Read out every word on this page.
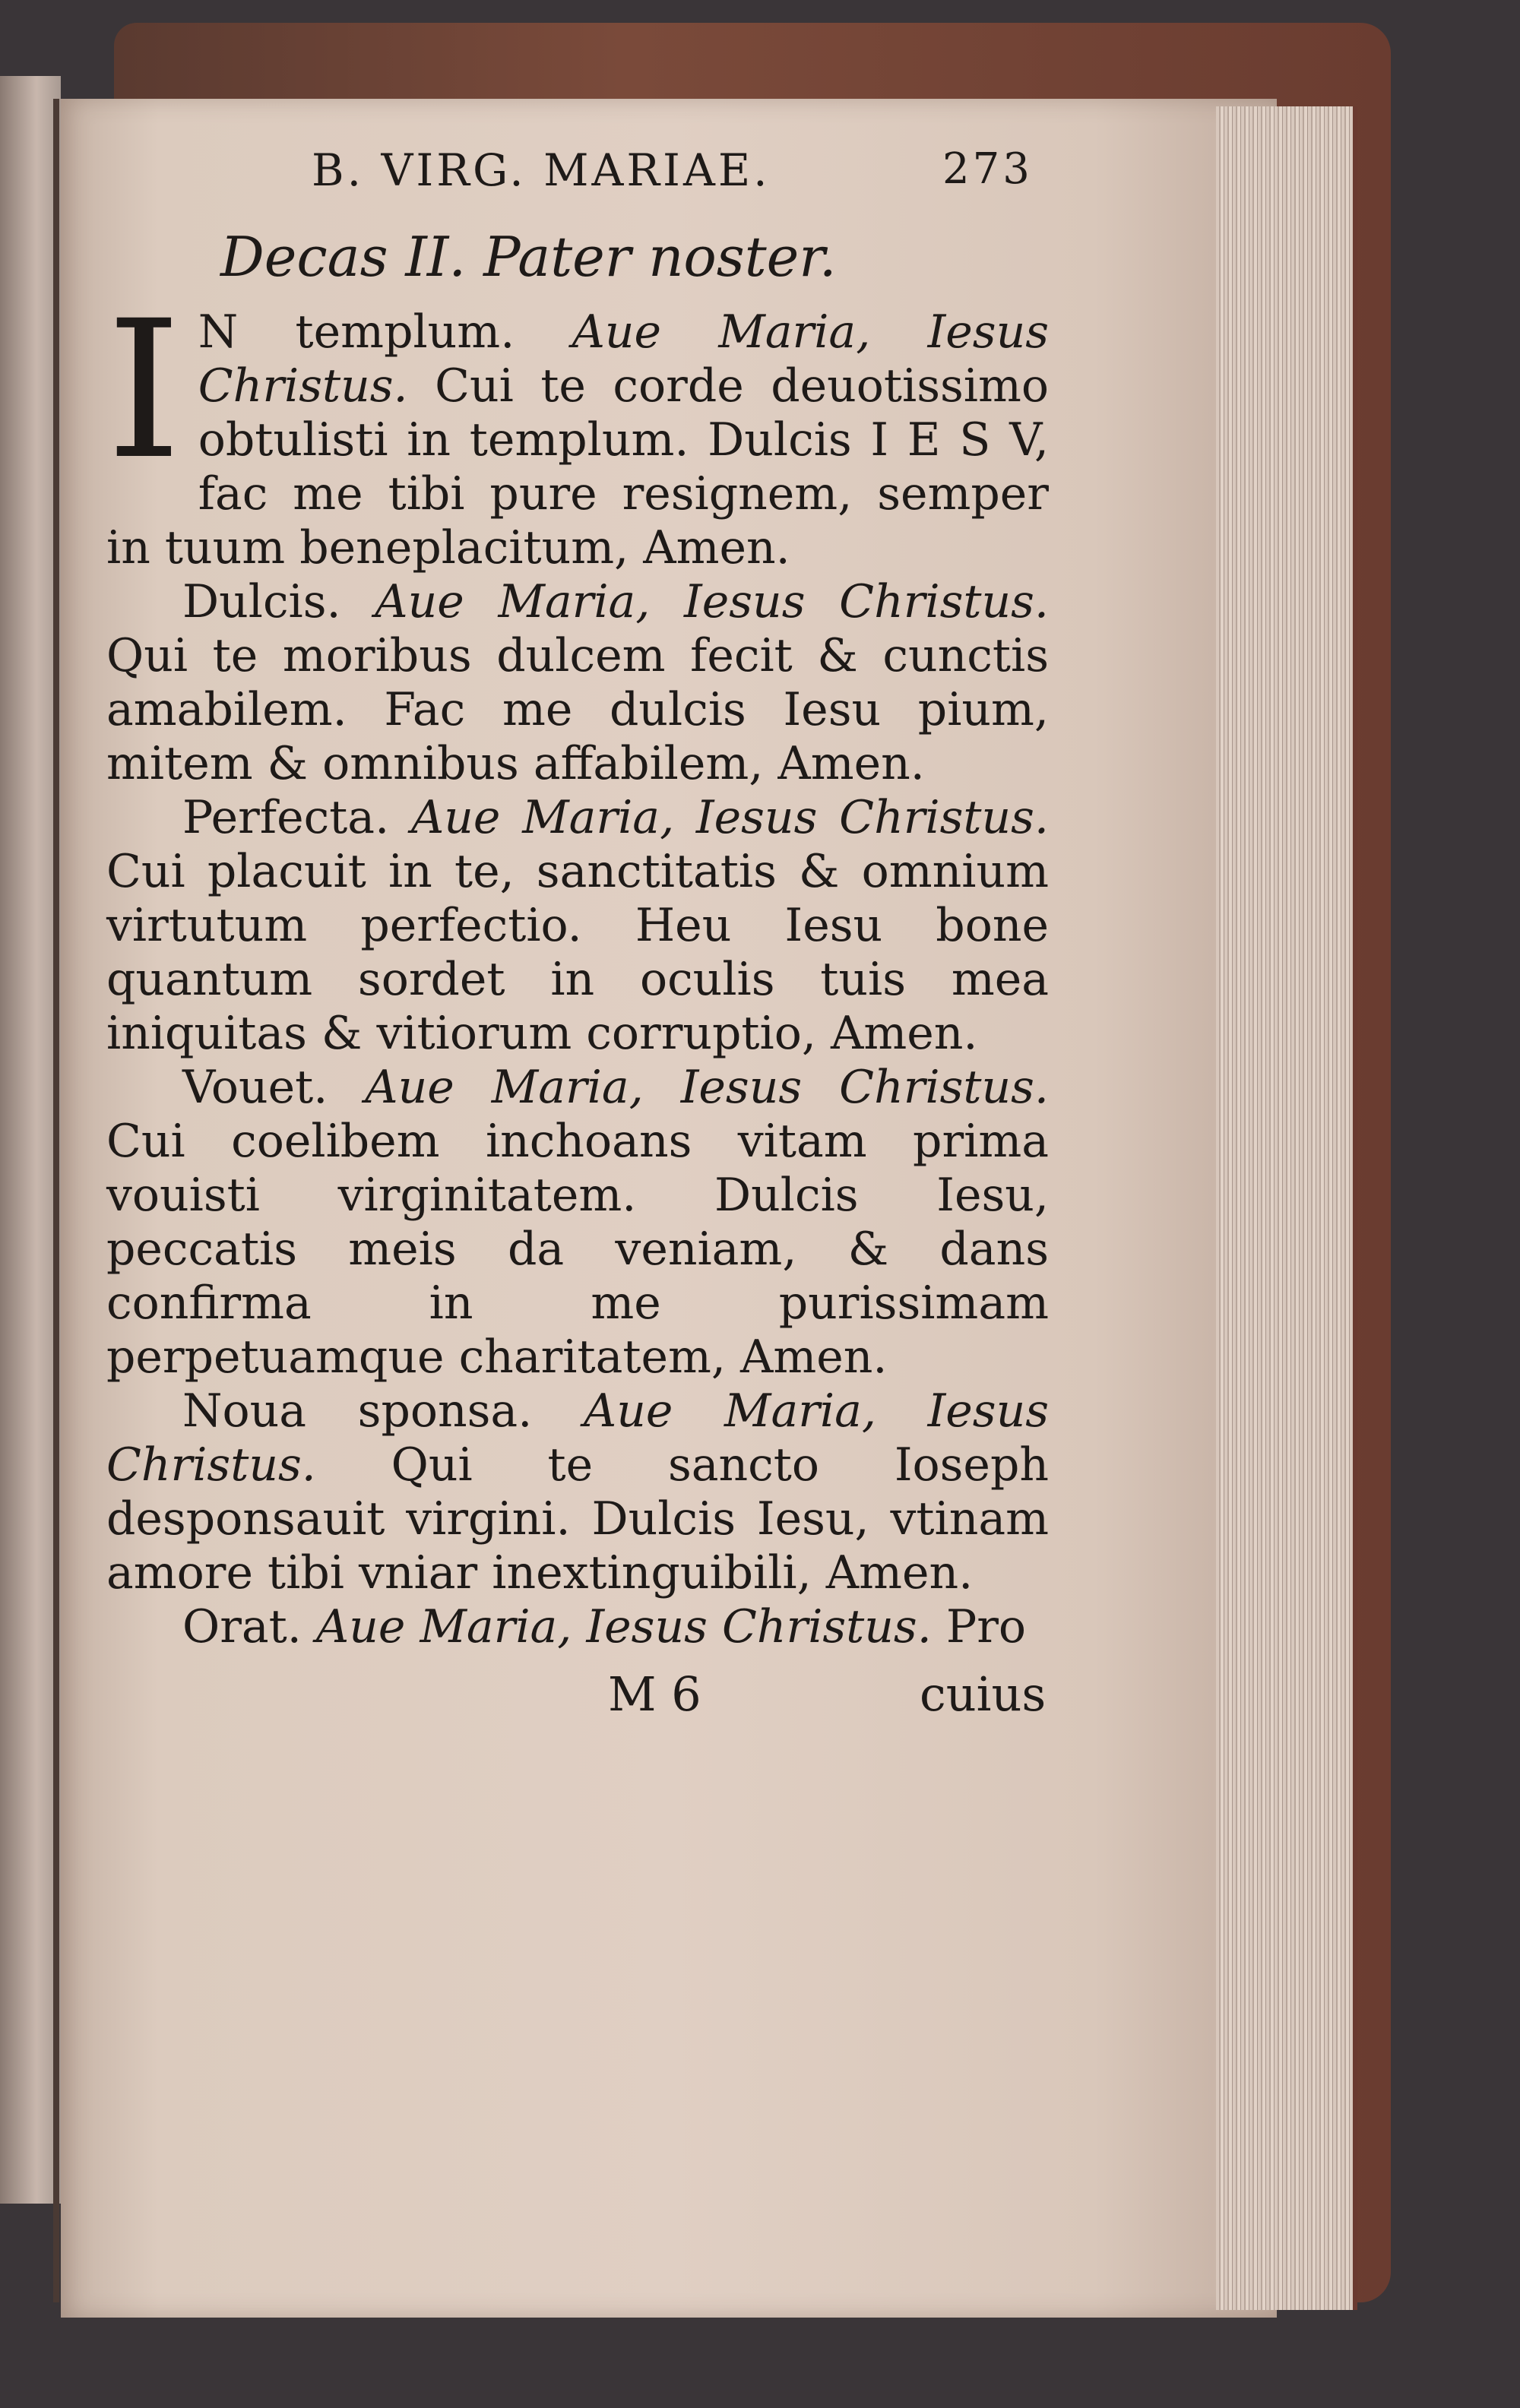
B. VIRG. MARIAE.	273
Decas II. Pater noster.

I N templum. Aue Maria, Iesus Christus. Cui te corde deuotissimo obtulisti in templum. Dulcis I E S V, fac me tibi pure resignem, semper in tuum beneplacitum, Amen.

Dulcis. Aue Maria, Iesus Christus. Qui te moribus dulcem fecit & cunctis amabilem. Fac me dulcis Iesu pium, mitem & omnibus affabilem, Amen.

Perfecta. Aue Maria, Iesus Christus. Cui placuit in te, sanctitatis & omnium virtutum perfectio. Heu Iesu bone quantum sordet in oculis tuis mea iniquitas & vitiorum corruptio, Amen.

Vouet. Aue Maria, Iesus Christus. Cui coelibem inchoans vitam prima vouisti virginitatem. Dulcis Iesu, peccatis meis da veniam, & dans confirma in me purissimam perpetuamque charitatem, Amen.

Noua sponsa. Aue Maria, Iesus Christus. Qui te sancto Ioseph desponsauit virgini. Dulcis Iesu, vtinam amore tibi vniar inextinguibili, Amen.

Orat. Aue Maria, Iesus Christus. Pro

M 6	cuius
